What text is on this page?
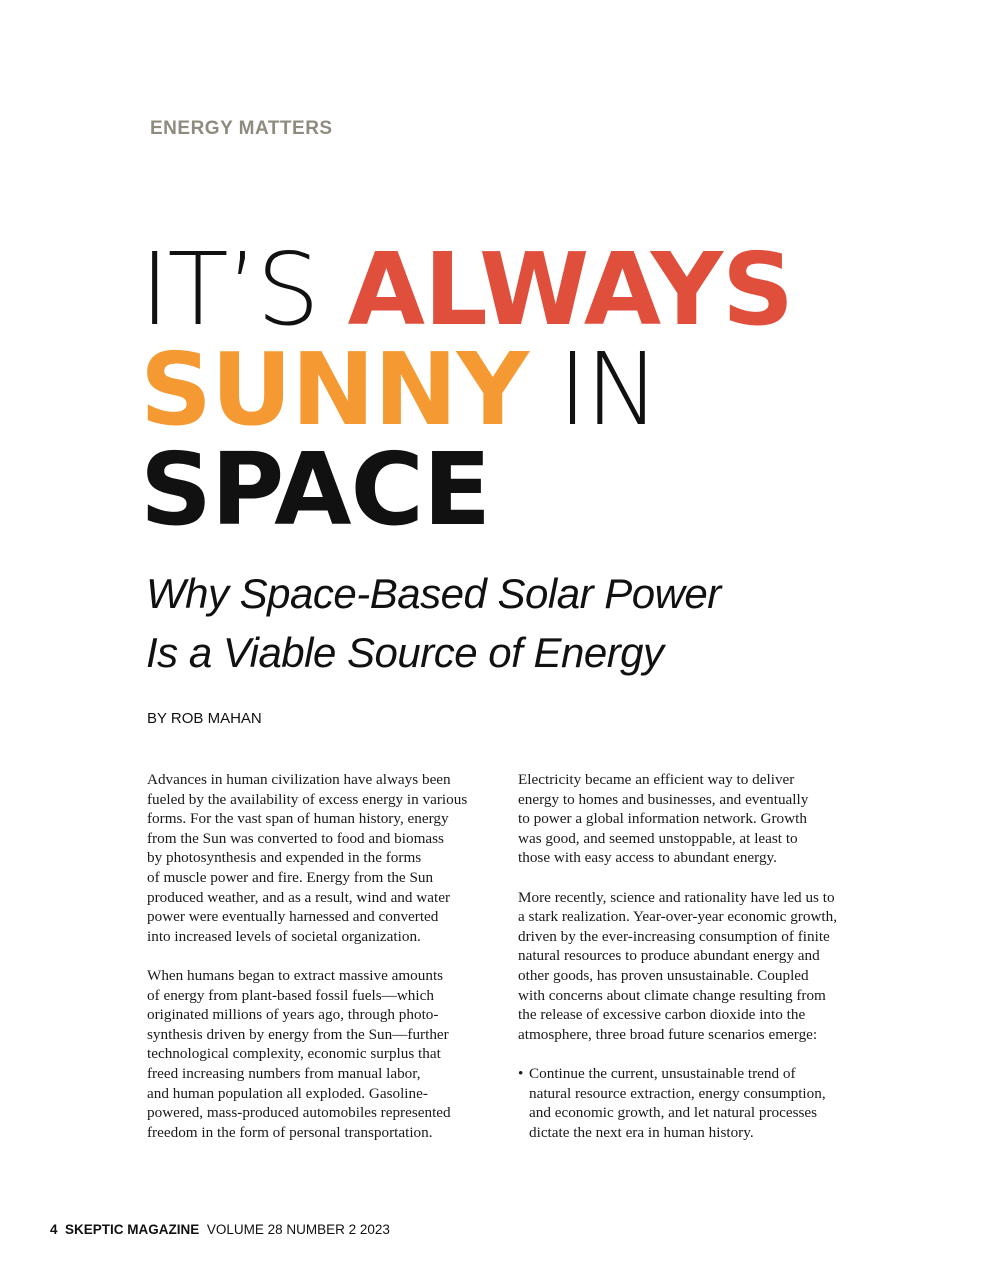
ENERGY MATTERS
IT’S ALWAYS
SUNNY IN
SPACE
Why Space-Based Solar Power
Is a Viable Source of Energy
BY ROB MAHAN

Advances in human civilization have always been
fueled by the availability of excess energy in various
forms. For the vast span of human history, energy
from the Sun was converted to food and biomass
by photosynthesis and expended in the forms
of muscle power and fire. Energy from the Sun
produced weather, and as a result, wind and water
power were eventually harnessed and converted
into increased levels of societal organization.

When humans began to extract massive amounts
of energy from plant-based fossil fuels—which
originated millions of years ago, through photo-
synthesis driven by energy from the Sun—further
technological complexity, economic surplus that
freed increasing numbers from manual labor,
and human population all exploded. Gasoline-
powered, mass-produced automobiles represented
freedom in the form of personal transportation.

Electricity became an efficient way to deliver
energy to homes and businesses, and eventually
to power a global information network. Growth
was good, and seemed unstoppable, at least to
those with easy access to abundant energy.

More recently, science and rationality have led us to
a stark realization. Year-over-year economic growth,
driven by the ever-increasing consumption of finite
natural resources to produce abundant energy and
other goods, has proven unsustainable. Coupled
with concerns about climate change resulting from
the release of excessive carbon dioxide into the
atmosphere, three broad future scenarios emerge:

• Continue the current, unsustainable trend of
natural resource extraction, energy consumption,
and economic growth, and let natural processes
dictate the next era in human history.

4 SKEPTIC MAGAZINE VOLUME 28 NUMBER 2 2023
